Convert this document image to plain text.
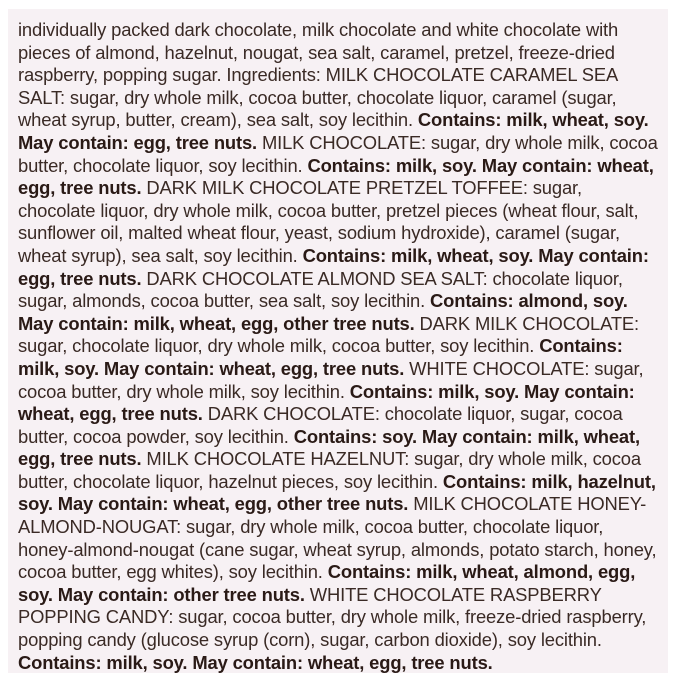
individually packed dark chocolate, milk chocolate and white chocolate with pieces of almond, hazelnut, nougat, sea salt, caramel, pretzel, freeze-dried raspberry, popping sugar. Ingredients: MILK CHOCOLATE CARAMEL SEA SALT: sugar, dry whole milk, cocoa butter, chocolate liquor, caramel (sugar, wheat syrup, butter, cream), sea salt, soy lecithin. Contains: milk, wheat, soy. May contain: egg, tree nuts. MILK CHOCOLATE: sugar, dry whole milk, cocoa butter, chocolate liquor, soy lecithin. Contains: milk, soy. May contain: wheat, egg, tree nuts. DARK MILK CHOCOLATE PRETZEL TOFFEE: sugar, chocolate liquor, dry whole milk, cocoa butter, pretzel pieces (wheat flour, salt, sunflower oil, malted wheat flour, yeast, sodium hydroxide), caramel (sugar, wheat syrup), sea salt, soy lecithin. Contains: milk, wheat, soy. May contain: egg, tree nuts. DARK CHOCOLATE ALMOND SEA SALT: chocolate liquor, sugar, almonds, cocoa butter, sea salt, soy lecithin. Contains: almond, soy. May contain: milk, wheat, egg, other tree nuts. DARK MILK CHOCOLATE: sugar, chocolate liquor, dry whole milk, cocoa butter, soy lecithin. Contains: milk, soy. May contain: wheat, egg, tree nuts. WHITE CHOCOLATE: sugar, cocoa butter, dry whole milk, soy lecithin. Contains: milk, soy. May contain: wheat, egg, tree nuts. DARK CHOCOLATE: chocolate liquor, sugar, cocoa butter, cocoa powder, soy lecithin. Contains: soy. May contain: milk, wheat, egg, tree nuts. MILK CHOCOLATE HAZELNUT: sugar, dry whole milk, cocoa butter, chocolate liquor, hazelnut pieces, soy lecithin. Contains: milk, hazelnut, soy. May contain: wheat, egg, other tree nuts. MILK CHOCOLATE HONEY-ALMOND-NOUGAT: sugar, dry whole milk, cocoa butter, chocolate liquor, honey-almond-nougat (cane sugar, wheat syrup, almonds, potato starch, honey, cocoa butter, egg whites), soy lecithin. Contains: milk, wheat, almond, egg, soy. May contain: other tree nuts. WHITE CHOCOLATE RASPBERRY POPPING CANDY: sugar, cocoa butter, dry whole milk, freeze-dried raspberry, popping candy (glucose syrup (corn), sugar, carbon dioxide), soy lecithin. Contains: milk, soy. May contain: wheat, egg, tree nuts.
